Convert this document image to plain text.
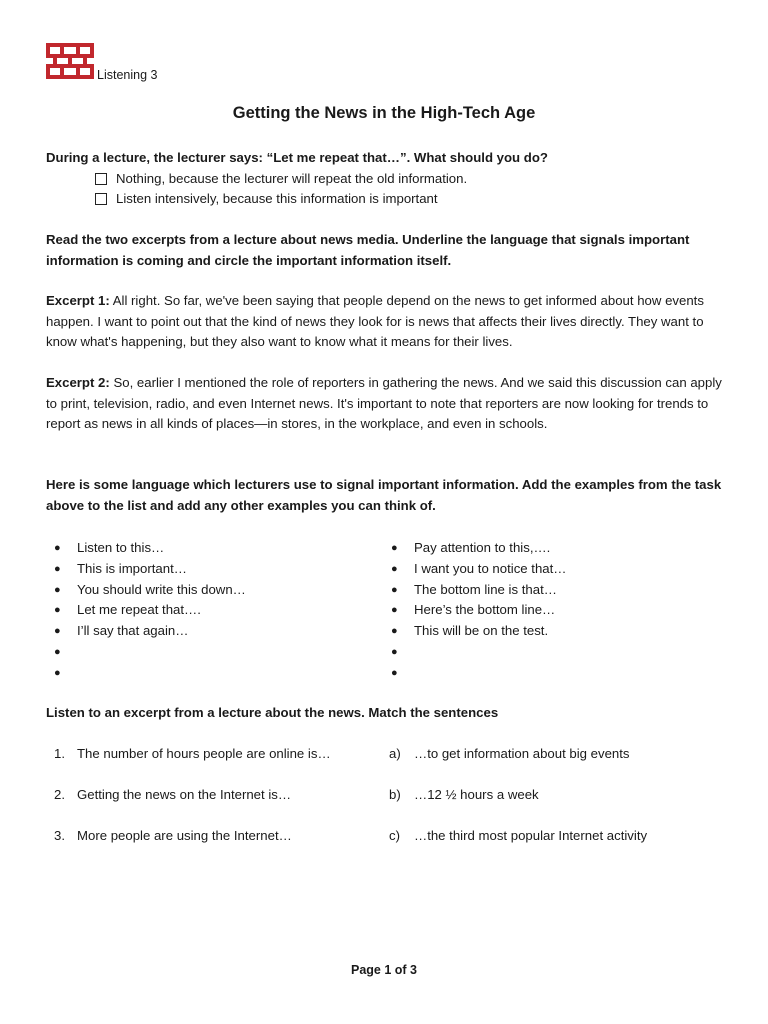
Listening 3
Getting the News in the High-Tech Age
During a lecture, the lecturer says: “Let me repeat that…”. What should you do?
Nothing, because the lecturer will repeat the old information.
Listen intensively, because this information is important
Read the two excerpts from a lecture about news media. Underline the language that signals important information is coming and circle the important information itself.
Excerpt 1: All right. So far, we've been saying that people depend on the news to get informed about how events happen. I want to point out that the kind of news they look for is news that affects their lives directly. They want to know what's happening, but they also want to know what it means for their lives.
Excerpt 2: So, earlier I mentioned the role of reporters in gathering the news. And we said this discussion can apply to print, television, radio, and even Internet news. It's important to note that reporters are now looking for trends to report as news in all kinds of places—in stores, in the workplace, and even in schools.
Here is some language which lecturers use to signal important information. Add the examples from the task above to the list and add any other examples you can think of.
●	Listen to this…
●	This is important…
●	You should write this down…
●	Let me repeat that….
●	I’ll say that again…
●
●
●	Pay attention to this,….
●	I want you to notice that…
●	The bottom line is that…
●	Here’s the bottom line…
●	This will be on the test.
●
●
Listen to an excerpt from a lecture about the news. Match the sentences
1. The number of hours people are online is…	a) …to get information about big events
2. Getting the news on the Internet is…	b) …12 ½ hours a week
3. More people are using the Internet…	c) …the third most popular Internet activity
Page 1 of 3
